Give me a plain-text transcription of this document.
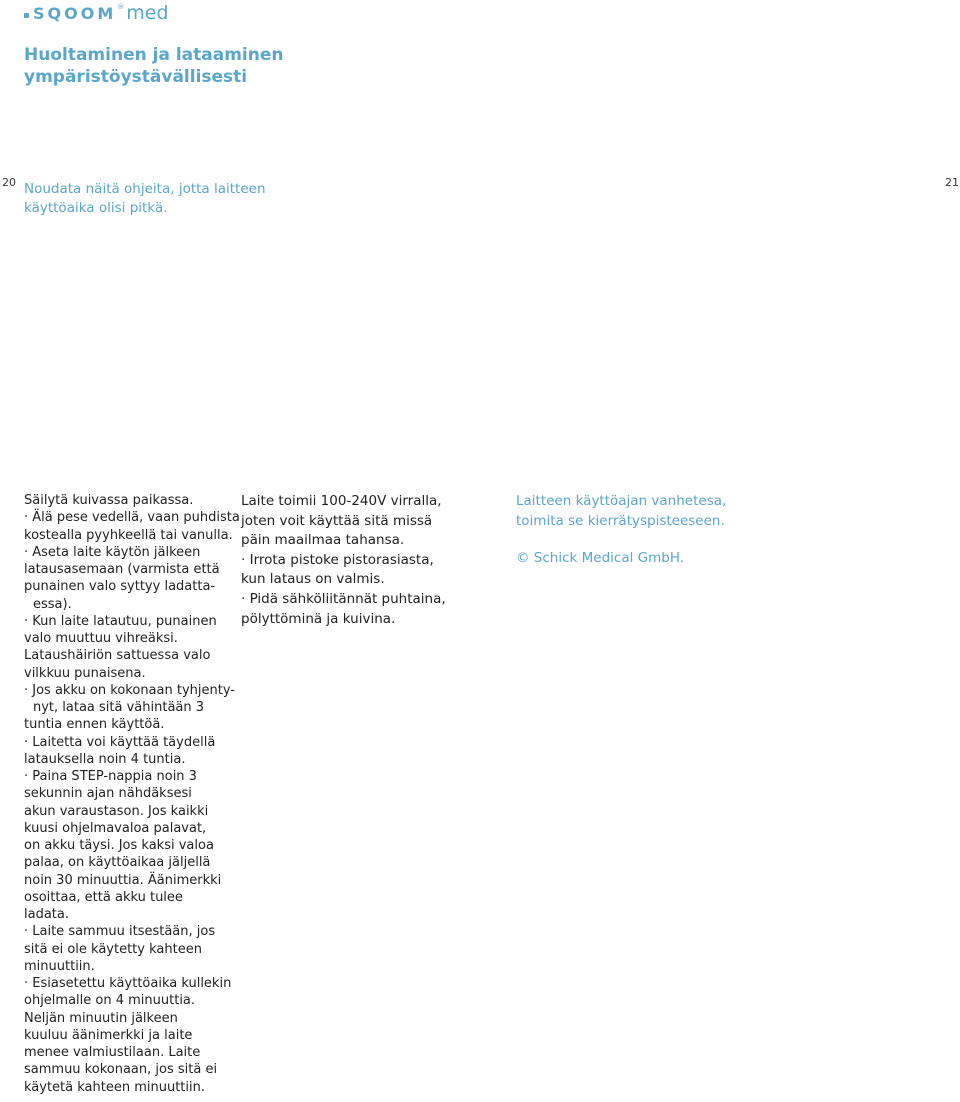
SQOOM ® med
Huoltaminen ja lataaminen
ympäristöystävällisesti
20	21
Noudata näitä ohjeita, jotta laitteen
käyttöaika olisi pitkä.
Säilytä kuivassa paikassa.
· Älä pese vedellä, vaan puhdista
kostealla pyyhkeellä tai vanulla.
· Aseta laite käytön jälkeen
latausasemaan (varmista että
punainen valo syttyy ladatta-
essa).
· Kun laite latautuu, punainen
valo muuttuu vihreäksi.
Lataushäiriön sattuessa valo
vilkkuu punaisena.
· Jos akku on kokonaan tyhjenty-
nyt, lataa sitä vähintään 3
tuntia ennen käyttöä.
· Laitetta voi käyttää täydellä
latauksella noin 4 tuntia.
· Paina STEP-nappia noin 3
sekunnin ajan nähdäksesi
akun varaustason. Jos kaikki
kuusi ohjelmavaloa palavat,
on akku täysi. Jos kaksi valoa
palaa, on käyttöaikaa jäljellä
noin 30 minuuttia. Äänimerkki
osoittaa, että akku tulee
ladata.
· Laite sammuu itsestään, jos
sitä ei ole käytetty kahteen
minuuttiin.
· Esiasetettu käyttöaika kullekin
ohjelmalle on 4 minuuttia.
Neljän minuutin jälkeen
kuuluu äänimerkki ja laite
menee valmiustilaan. Laite
sammuu kokonaan, jos sitä ei
käytetä kahteen minuuttiin.
Laite toimii 100-240V virralla,
joten voit käyttää sitä missä
päin maailmaa tahansa.
· Irrota pistoke pistorasiasta,
kun lataus on valmis.
· Pidä sähköliitännät puhtaina,
pölyttöminä ja kuivina.
Laitteen käyttöajan vanhetesa,
toimita se kierrätyspisteeseen.
© Schick Medical GmbH.
